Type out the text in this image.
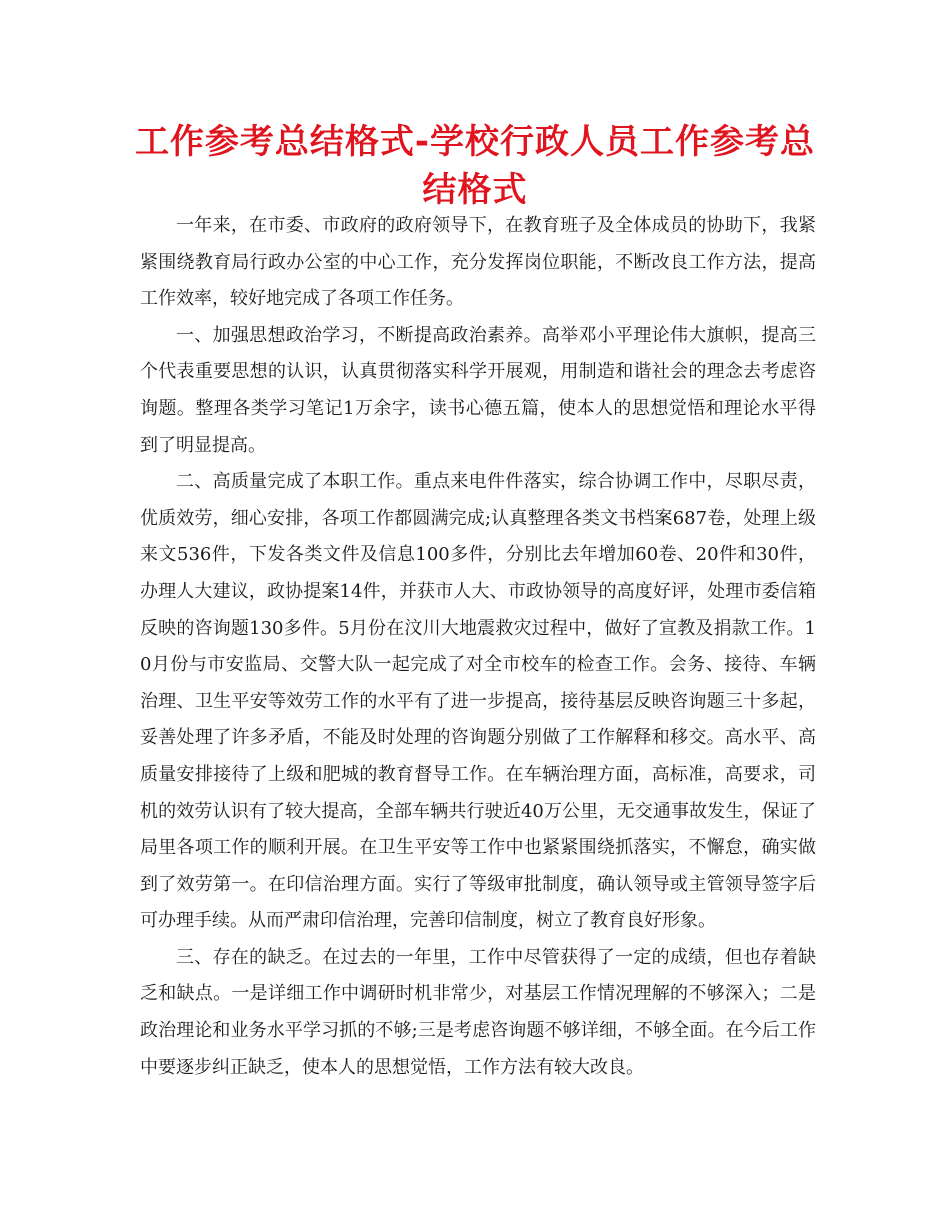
工作参考总结格式-学校行政人员工作参考总结格式

一年来，在市委、市政府的政府领导下，在教育班子及全体成员的协助下，我紧紧围绕教育局行政办公室的中心工作，充分发挥岗位职能，不断改良工作方法，提高工作效率，较好地完成了各项工作任务。

一、加强思想政治学习，不断提高政治素养。高举邓小平理论伟大旗帜，提高三个代表重要思想的认识，认真贯彻落实科学开展观，用制造和谐社会的理念去考虑咨询题。整理各类学习笔记1万余字，读书心德五篇，使本人的思想觉悟和理论水平得到了明显提高。

二、高质量完成了本职工作。重点来电件件落实，综合协调工作中，尽职尽责，优质效劳，细心安排，各项工作都圆满完成;认真整理各类文书档案687卷，处理上级来文536件，下发各类文件及信息100多件，分别比去年增加60卷、20件和30件，办理人大建议，政协提案14件，并获市人大、市政协领导的高度好评，处理市委信箱反映的咨询题130多件。5月份在汶川大地震救灾过程中，做好了宣教及捐款工作。10月份与市安监局、交警大队一起完成了对全市校车的检查工作。会务、接待、车辆治理、卫生平安等效劳工作的水平有了进一步提高，接待基层反映咨询题三十多起，妥善处理了许多矛盾，不能及时处理的咨询题分别做了工作解释和移交。高水平、高质量安排接待了上级和肥城的教育督导工作。在车辆治理方面，高标准，高要求，司机的效劳认识有了较大提高，全部车辆共行驶近40万公里，无交通事故发生，保证了局里各项工作的顺利开展。在卫生平安等工作中也紧紧围绕抓落实，不懈怠，确实做到了效劳第一。在印信治理方面。实行了等级审批制度，确认领导或主管领导签字后可办理手续。从而严肃印信治理，完善印信制度，树立了教育良好形象。

三、存在的缺乏。在过去的一年里，工作中尽管获得了一定的成绩，但也存着缺乏和缺点。一是详细工作中调研时机非常少，对基层工作情况理解的不够深入；二是政治理论和业务水平学习抓的不够;三是考虑咨询题不够详细，不够全面。在今后工作中要逐步纠正缺乏，使本人的思想觉悟，工作方法有较大改良。
